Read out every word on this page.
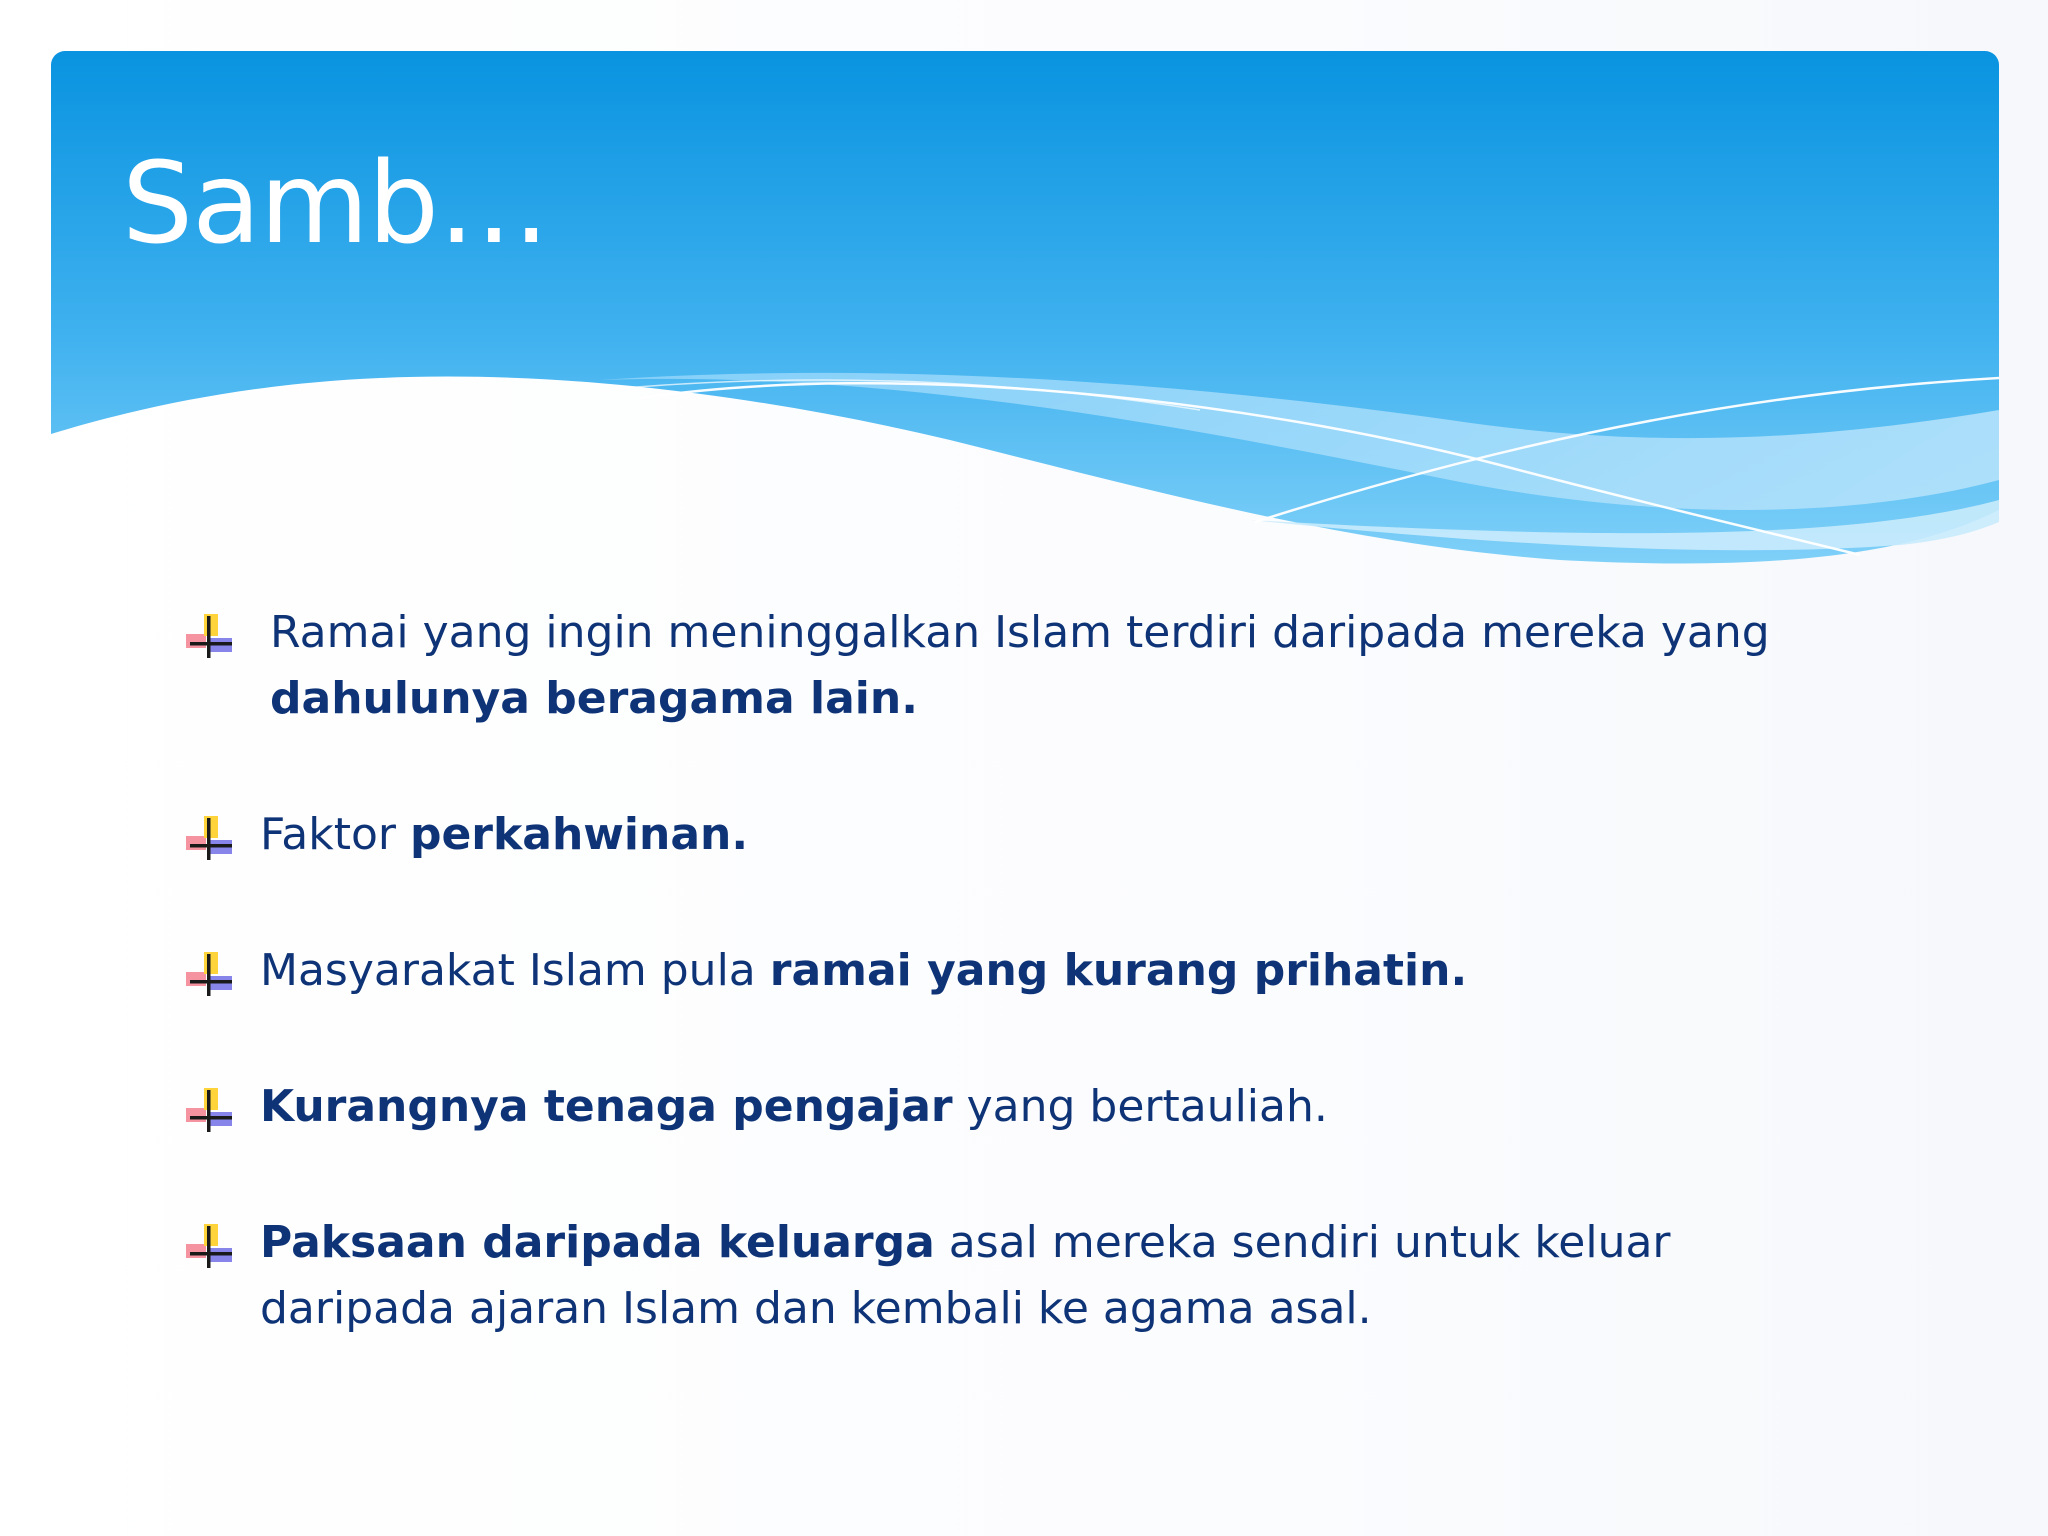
Samb…
Ramai yang ingin meninggalkan Islam terdiri daripada mereka yang dahulunya beragama lain.
Faktor perkahwinan.
Masyarakat Islam pula ramai yang kurang prihatin.
Kurangnya tenaga pengajar yang bertauliah.
Paksaan daripada keluarga asal mereka sendiri untuk keluar daripada ajaran Islam dan kembali ke agama asal.
